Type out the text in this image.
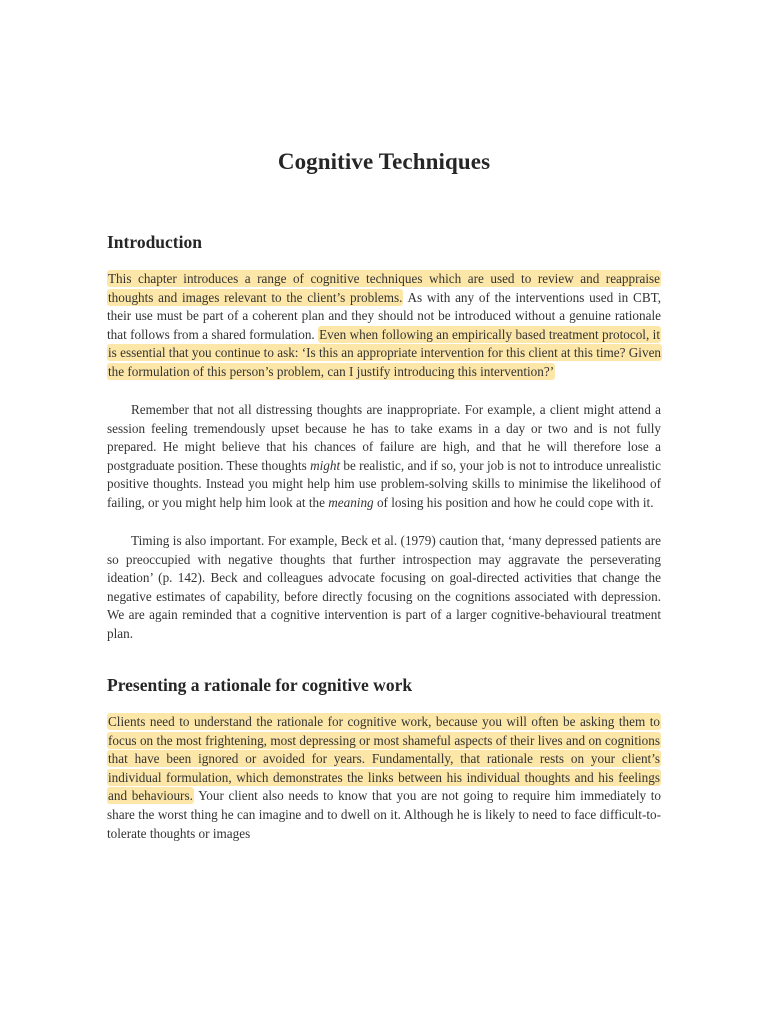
Cognitive Techniques
Introduction

This chapter introduces a range of cognitive techniques which are used to review and reappraise thoughts and images relevant to the client’s problems. As with any of the interventions used in CBT, their use must be part of a coherent plan and they should not be introduced without a genuine rationale that follows from a shared formulation. Even when following an empirically based treatment protocol, it is essential that you continue to ask: ‘Is this an appropriate intervention for this client at this time? Given the formulation of this person’s problem, can I justify introducing this intervention?’

Remember that not all distressing thoughts are inappropriate. For example, a client might attend a session feeling tremendously upset because he has to take exams in a day or two and is not fully prepared. He might believe that his chances of failure are high, and that he will therefore lose a postgraduate position. These thoughts might be realistic, and if so, your job is not to introduce unrealistic positive thoughts. Instead you might help him use problem-solving skills to minimise the likelihood of failing, or you might help him look at the meaning of losing his position and how he could cope with it.

Timing is also important. For example, Beck et al. (1979) caution that, ‘many depressed patients are so preoccupied with negative thoughts that further introspection may aggravate the perseverating ideation’ (p. 142). Beck and colleagues advocate focusing on goal-directed activities that change the negative estimates of capability, before directly focusing on the cognitions associated with depression. We are again reminded that a cognitive intervention is part of a larger cognitive-behavioural treatment plan.

Presenting a rationale for cognitive work

Clients need to understand the rationale for cognitive work, because you will often be asking them to focus on the most frightening, most depressing or most shameful aspects of their lives and on cognitions that have been ignored or avoided for years. Fundamentally, that rationale rests on your client’s individual formulation, which demonstrates the links between his individual thoughts and his feelings and behaviours. Your client also needs to know that you are not going to require him immediately to share the worst thing he can imagine and to dwell on it. Although he is likely to need to face difficult-to-tolerate thoughts or images
